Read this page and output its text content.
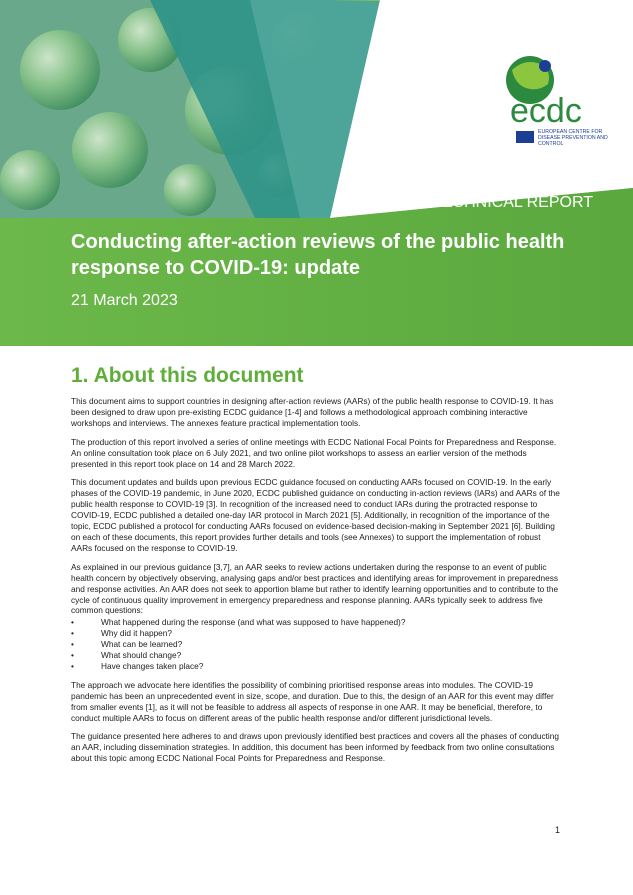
ecdc
EUROPEAN CENTRE FOR DISEASE PREVENTION AND CONTROL
TECHNICAL REPORT
Conducting after-action reviews of the public health response to COVID-19: update
21 March 2023
1. About this document

This document aims to support countries in designing after-action reviews (AARs) of the public health response to COVID-19. It has been designed to draw upon pre-existing ECDC guidance [1-4] and follows a methodological approach combining interactive workshops and interviews. The annexes feature practical implementation tools.

The production of this report involved a series of online meetings with ECDC National Focal Points for Preparedness and Response. An online consultation took place on 6 July 2021, and two online pilot workshops to assess an earlier version of the methods presented in this report took place on 14 and 28 March 2022.

This document updates and builds upon previous ECDC guidance focused on conducting AARs focused on COVID-19. In the early phases of the COVID-19 pandemic, in June 2020, ECDC published guidance on conducting in-action reviews (IARs) and AARs of the public health response to COVID-19 [3]. In recognition of the increased need to conduct IARs during the protracted response to COVID-19, ECDC published a detailed one-day IAR protocol in March 2021 [5]. Additionally, in recognition of the importance of the topic, ECDC published a protocol for conducting AARs focused on evidence-based decision-making in September 2021 [6]. Building on each of these documents, this report provides further details and tools (see Annexes) to support the implementation of robust AARs focused on the response to COVID-19.

As explained in our previous guidance [3,7], an AAR seeks to review actions undertaken during the response to an event of public health concern by objectively observing, analysing gaps and/or best practices and identifying areas for improvement in preparedness and response activities. An AAR does not seek to apportion blame but rather to identify learning opportunities and to contribute to the cycle of continuous quality improvement in emergency preparedness and response planning. AARs typically seek to address five common questions:

•	What happened during the response (and what was supposed to have happened)?
•	Why did it happen?
•	What can be learned?
•	What should change?
•	Have changes taken place?

The approach we advocate here identifies the possibility of combining prioritised response areas into modules. The COVID-19 pandemic has been an unprecedented event in size, scope, and duration. Due to this, the design of an AAR for this event may differ from smaller events [1], as it will not be feasible to address all aspects of response in one AAR. It may be beneficial, therefore, to conduct multiple AARs to focus on different areas of the public health response and/or different jurisdictional levels.

The guidance presented here adheres to and draws upon previously identified best practices and covers all the phases of conducting an AAR, including dissemination strategies. In addition, this document has been informed by feedback from two online consultations about this topic among ECDC National Focal Points for Preparedness and Response.

1
